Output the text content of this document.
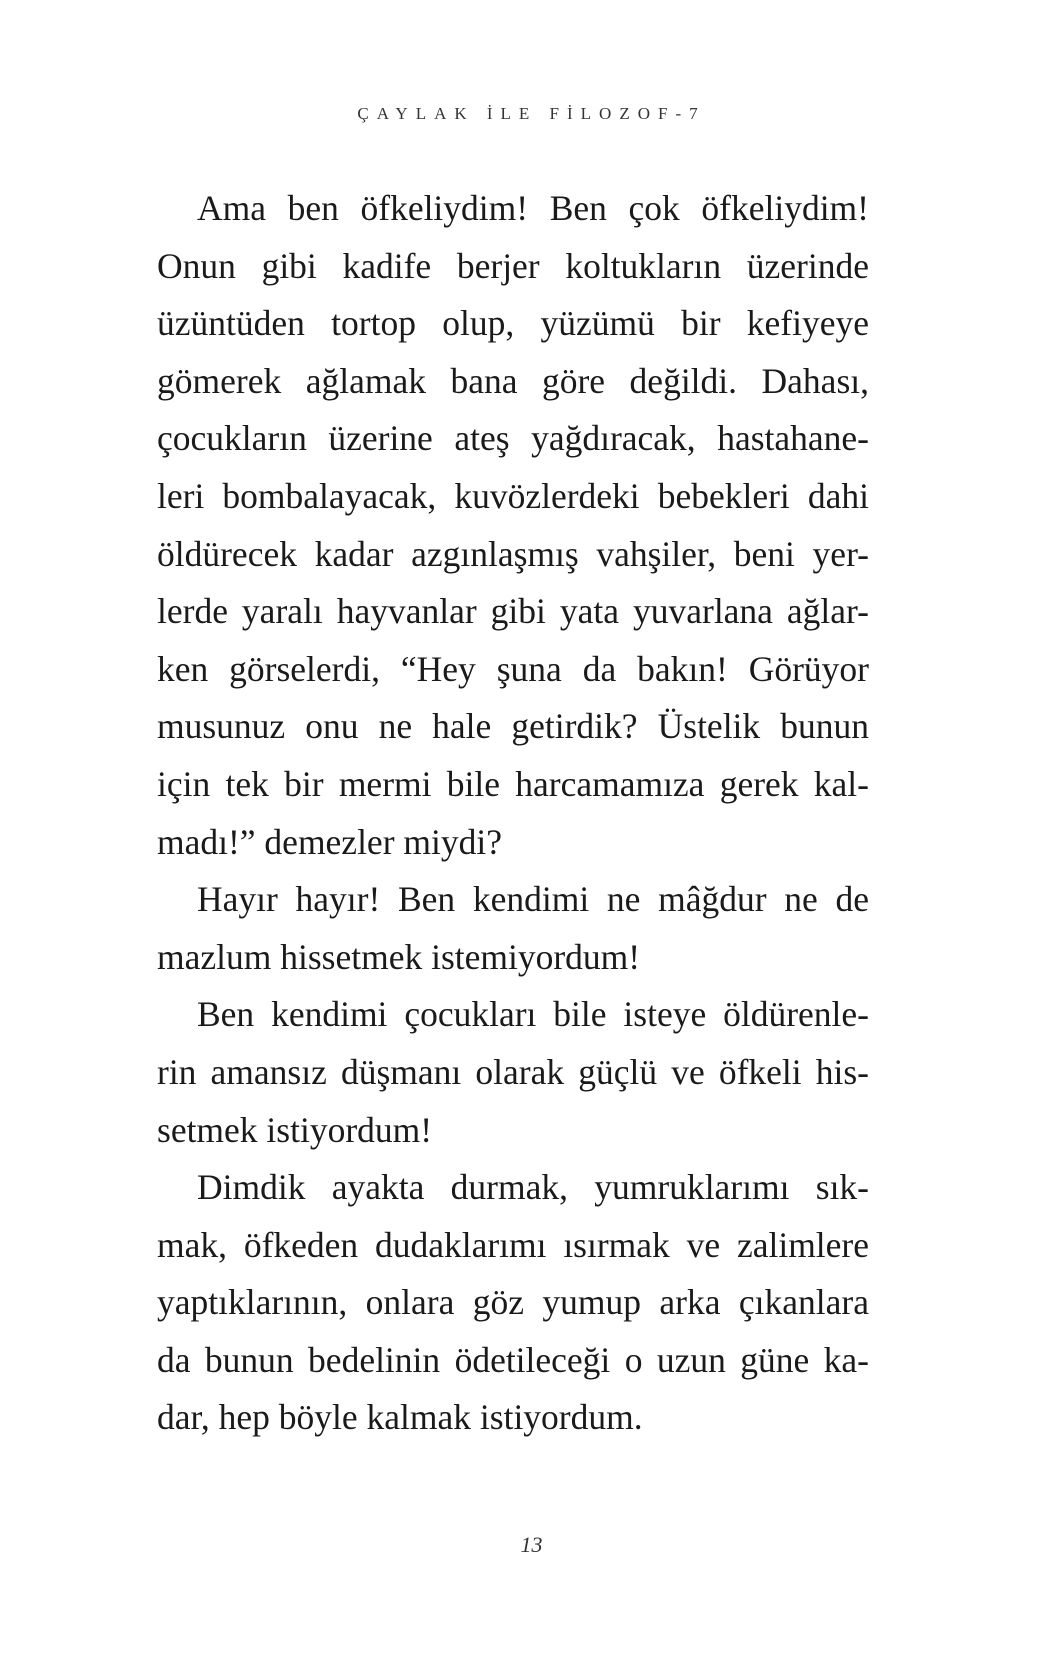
ÇAYLAK İLE FİLOZOF-7
Ama ben öfkeliydim! Ben çok öfkeliydim!
Onun gibi kadife berjer koltukların üzerinde
üzüntüden tortop olup, yüzümü bir kefiyeye
gömerek ağlamak bana göre değildi. Dahası,
çocukların üzerine ateş yağdıracak, hastahane-
leri bombalayacak, kuvözlerdeki bebekleri dahi
öldürecek kadar azgınlaşmış vahşiler, beni yer-
lerde yaralı hayvanlar gibi yata yuvarlana ağlar-
ken görselerdi, “Hey şuna da bakın! Görüyor
musunuz onu ne hale getirdik? Üstelik bunun
için tek bir mermi bile harcamamıza gerek kal-
madı!” demezler miydi?
Hayır hayır! Ben kendimi ne mâğdur ne de
mazlum hissetmek istemiyordum!
Ben kendimi çocukları bile isteye öldürenle-
rin amansız düşmanı olarak güçlü ve öfkeli his-
setmek istiyordum!
Dimdik ayakta durmak, yumruklarımı sık-
mak, öfkeden dudaklarımı ısırmak ve zalimlere
yaptıklarının, onlara göz yumup arka çıkanlara
da bunun bedelinin ödetileceği o uzun güne ka-
dar, hep böyle kalmak istiyordum.
13
